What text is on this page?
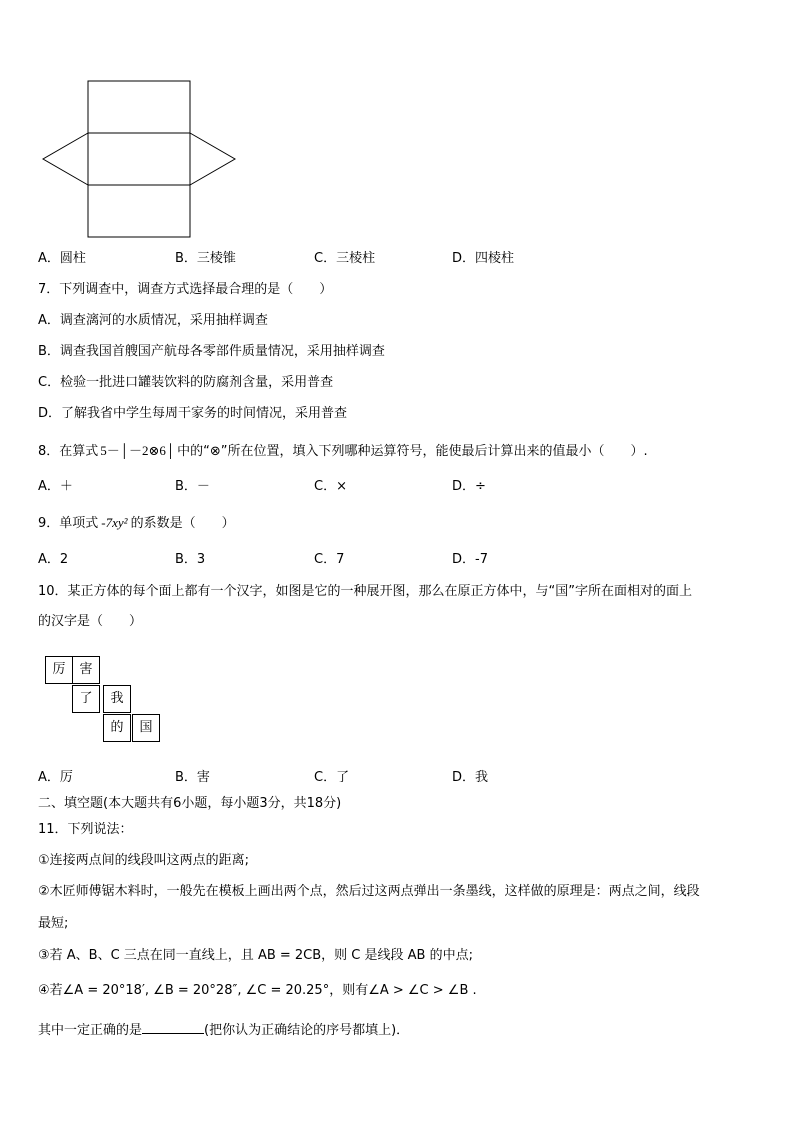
A．圆柱	B．三棱锥	C．三棱柱	D．四棱柱
7．下列调查中，调查方式选择最合理的是（　　）
A．调查漓河的水质情况，采用抽样调查
B．调查我国首艘国产航母各零部件质量情况，采用抽样调查
C．检验一批进口罐装饮料的防腐剂含量，采用普查
D．了解我省中学生每周干家务的时间情况，采用普查
8．在算式 5－│－2⊗6│ 中的“⊗”所在位置，填入下列哪种运算符号，能使最后计算出来的值最小（　　）.
A．＋	B．－	C．×	D．÷
9．单项式 -7xy² 的系数是（　　）
A．2	B．3	C．7	D．-7
10．某正方体的每个面上都有一个汉字，如图是它的一种展开图，那么在原正方体中，与“国”字所在面相对的面上
的汉字是（　　）
厉	害
了	我
的	国
A．厉	B．害	C．了	D．我
二、填空题(本大题共有6小题，每小题3分，共18分)
11．下列说法：
①连接两点间的线段叫这两点的距离;
②木匠师傅锯木料时，一般先在模板上画出两个点，然后过这两点弹出一条墨线，这样做的原理是：两点之间，线段
最短;
③若 A、B、C 三点在同一直线上，且 AB = 2CB，则 C 是线段 AB 的中点;
④若∠A = 20°18′, ∠B = 20°28″, ∠C = 20.25°，则有∠A > ∠C > ∠B .
其中一定正确的是	(把你认为正确结论的序号都填上)．
